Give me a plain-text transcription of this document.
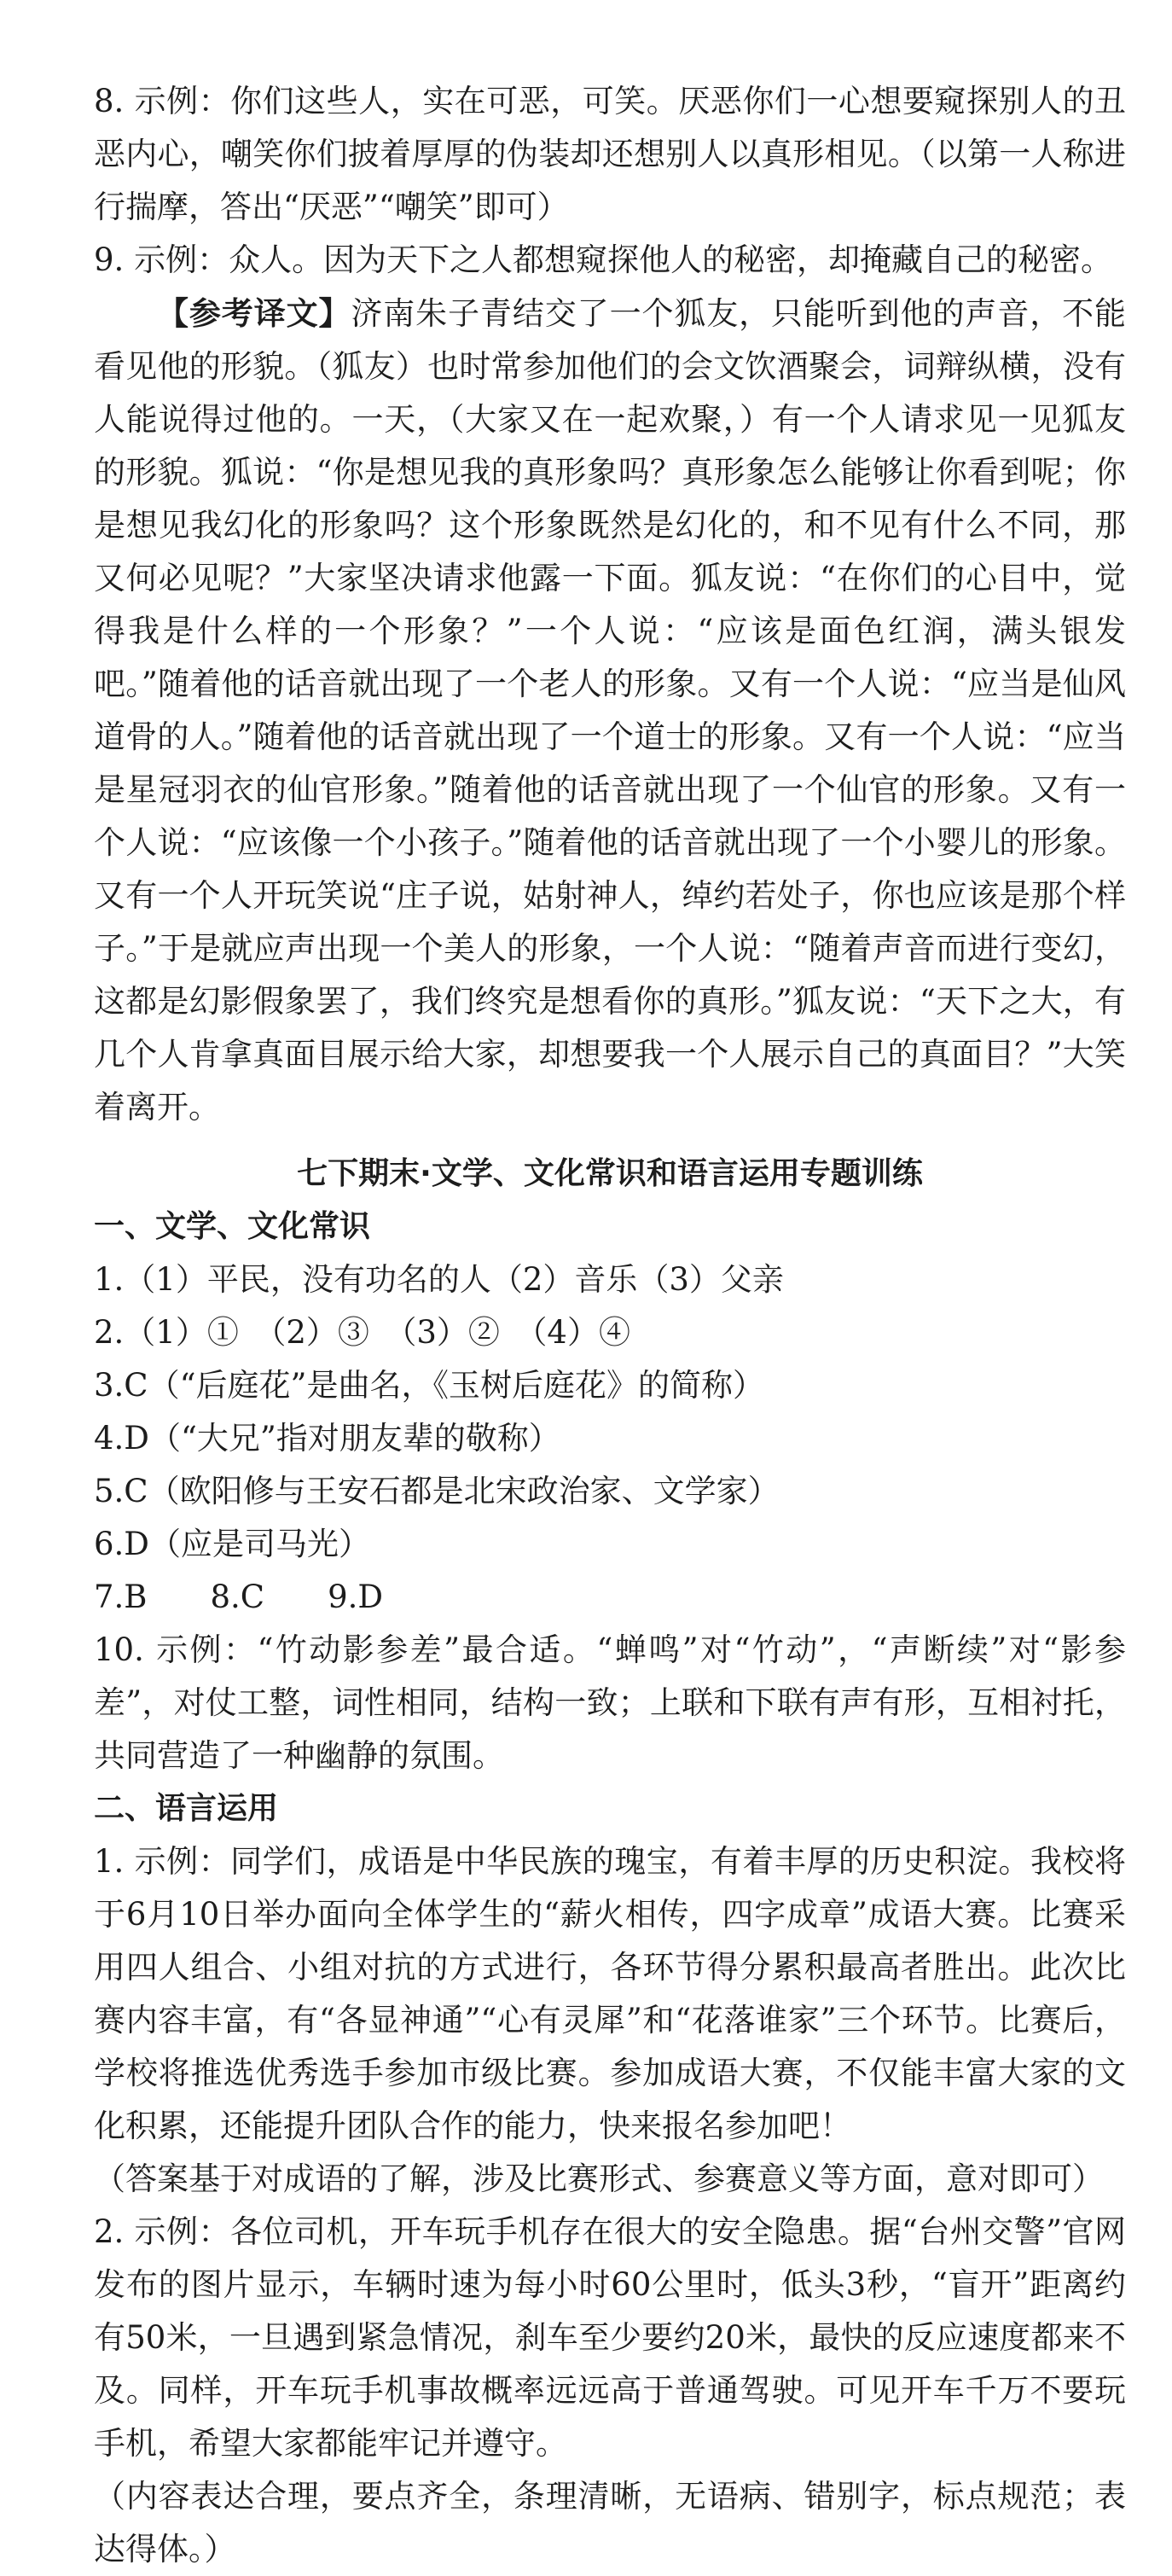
8. 示例：你们这些人，实在可恶，可笑。厌恶你们一心想要窥探别人的丑恶内心，嘲笑你们披着厚厚的伪装却还想别人以真形相见。（以第一人称进行揣摩，答出“厌恶”“嘲笑”即可）

9. 示例：众人。因为天下之人都想窥探他人的秘密，却掩藏自己的秘密。

【参考译文】济南朱子青结交了一个狐友，只能听到他的声音，不能看见他的形貌。（狐友）也时常参加他们的会文饮酒聚会，词辩纵横，没有人能说得过他的。一天，（大家又在一起欢聚，）有一个人请求见一见狐友的形貌。狐说：“你是想见我的真形象吗？真形象怎么能够让你看到呢；你是想见我幻化的形象吗？这个形象既然是幻化的，和不见有什么不同，那又何必见呢？”大家坚决请求他露一下面。狐友说：“在你们的心目中，觉得我是什么样的一个形象？”一个人说：“应该是面色红润，满头银发吧。”随着他的话音就出现了一个老人的形象。又有一个人说：“应当是仙风道骨的人。”随着他的话音就出现了一个道士的形象。又有一个人说：“应当是星冠羽衣的仙官形象。”随着他的话音就出现了一个仙官的形象。又有一个人说：“应该像一个小孩子。”随着他的话音就出现了一个小婴儿的形象。又有一个人开玩笑说“庄子说，姑射神人，绰约若处子，你也应该是那个样子。”于是就应声出现一个美人的形象，一个人说：“随着声音而进行变幻，这都是幻影假象罢了，我们终究是想看你的真形。”狐友说：“天下之大，有几个人肯拿真面目展示给大家，却想要我一个人展示自己的真面目？”大笑着离开。

七下期末·文学、文化常识和语言运用专题训练

一、文学、文化常识

1.（1）平民，没有功名的人（2）音乐（3）父亲

2.（1）①　（2）③　（3）②　（4）④

3.C（“后庭花”是曲名，《玉树后庭花》的简称）

4.D（“大兄”指对朋友辈的敬称）

5.C（欧阳修与王安石都是北宋政治家、文学家）

6.D（应是司马光）

7.B　　8.C　　9.D

10. 示例：“竹动影参差”最合适。“蝉鸣”对“竹动”，“声断续”对“影参差”，对仗工整，词性相同，结构一致；上联和下联有声有形，互相衬托，共同营造了一种幽静的氛围。

二、语言运用

1. 示例：同学们，成语是中华民族的瑰宝，有着丰厚的历史积淀。我校将于6月10日举办面向全体学生的“薪火相传，四字成章”成语大赛。比赛采用四人组合、小组对抗的方式进行，各环节得分累积最高者胜出。此次比赛内容丰富，有“各显神通”“心有灵犀”和“花落谁家”三个环节。比赛后，学校将推选优秀选手参加市级比赛。参加成语大赛，不仅能丰富大家的文化积累，还能提升团队合作的能力，快来报名参加吧！

（答案基于对成语的了解，涉及比赛形式、参赛意义等方面，意对即可）

2. 示例：各位司机，开车玩手机存在很大的安全隐患。据“台州交警”官网发布的图片显示，车辆时速为每小时60公里时，低头3秒，“盲开”距离约有50米，一旦遇到紧急情况，刹车至少要约20米，最快的反应速度都来不及。同样，开车玩手机事故概率远远高于普通驾驶。可见开车千万不要玩手机，希望大家都能牢记并遵守。

（内容表达合理，要点齐全，条理清晰，无语病、错别字，标点规范；表达得体。）
